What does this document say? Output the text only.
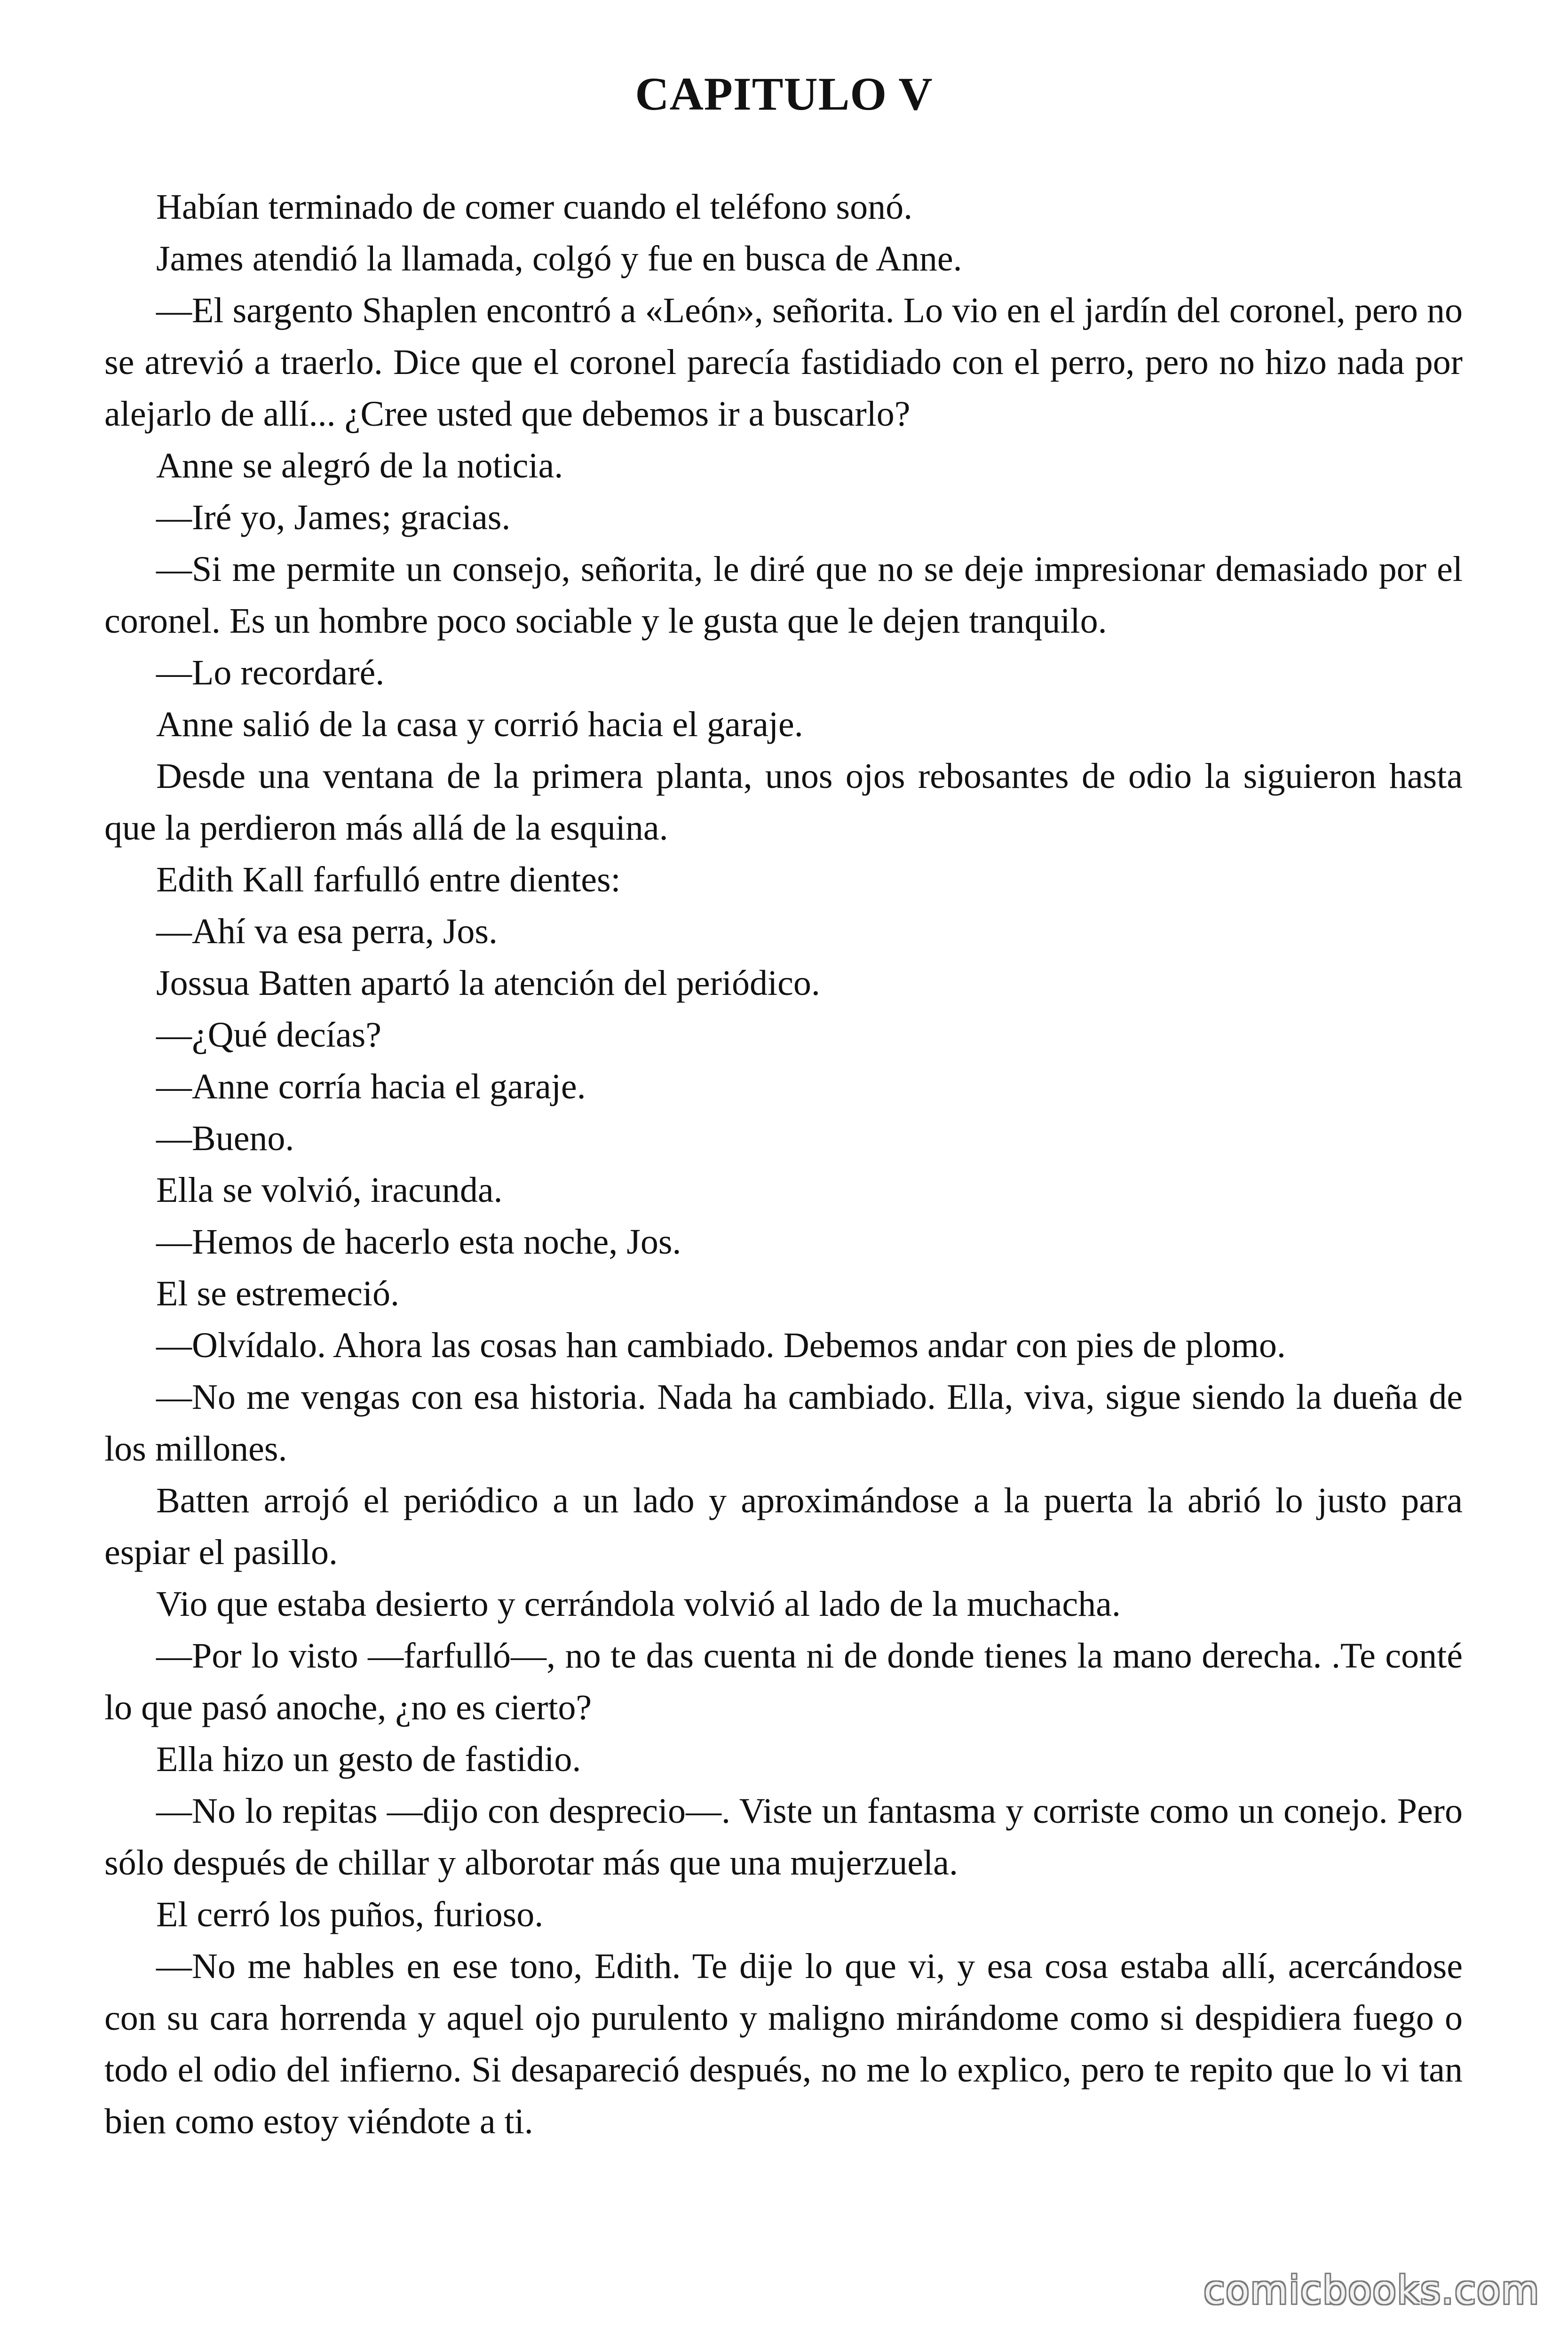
CAPITULO V

Habían terminado de comer cuando el teléfono sonó.

James atendió la llamada, colgó y fue en busca de Anne.

—El sargento Shaplen encontró a «León», señorita. Lo vio en el jardín del coronel, pero no se atrevió a traerlo. Dice que el coronel parecía fastidiado con el perro, pero no hizo nada por alejarlo de allí... ¿Cree usted que debemos ir a buscarlo?

Anne se alegró de la noticia.

—Iré yo, James; gracias.

—Si me permite un consejo, señorita, le diré que no se deje impresionar demasiado por el coronel. Es un hombre poco sociable y le gusta que le dejen tranquilo.

—Lo recordaré.

Anne salió de la casa y corrió hacia el garaje.

Desde una ventana de la primera planta, unos ojos rebosantes de odio la siguieron hasta que la perdieron más allá de la esquina.

Edith Kall farfulló entre dientes:

—Ahí va esa perra, Jos.

Jossua Batten apartó la atención del periódico.

—¿Qué decías?

—Anne corría hacia el garaje.

—Bueno.

Ella se volvió, iracunda.

—Hemos de hacerlo esta noche, Jos.

El se estremeció.

—Olvídalo. Ahora las cosas han cambiado. Debemos andar con pies de plomo.

—No me vengas con esa historia. Nada ha cambiado. Ella, viva, sigue siendo la dueña de los millones.

Batten arrojó el periódico a un lado y aproximándose a la puerta la abrió lo justo para espiar el pasillo.

Vio que estaba desierto y cerrándola volvió al lado de la muchacha.

—Por lo visto —farfulló—, no te das cuenta ni de donde tienes la mano derecha. .Te conté lo que pasó anoche, ¿no es cierto?

Ella hizo un gesto de fastidio.

—No lo repitas —dijo con desprecio—. Viste un fantasma y corriste como un conejo. Pero sólo después de chillar y alborotar más que una mujerzuela.

El cerró los puños, furioso.

—No me hables en ese tono, Edith. Te dije lo que vi, y esa cosa estaba allí, acercándose con su cara horrenda y aquel ojo purulento y maligno mirándome como si despidiera fuego o todo el odio del infierno. Si desapareció después, no me lo explico, pero te repito que lo vi tan bien como estoy viéndote a ti.

comicbooks.com
